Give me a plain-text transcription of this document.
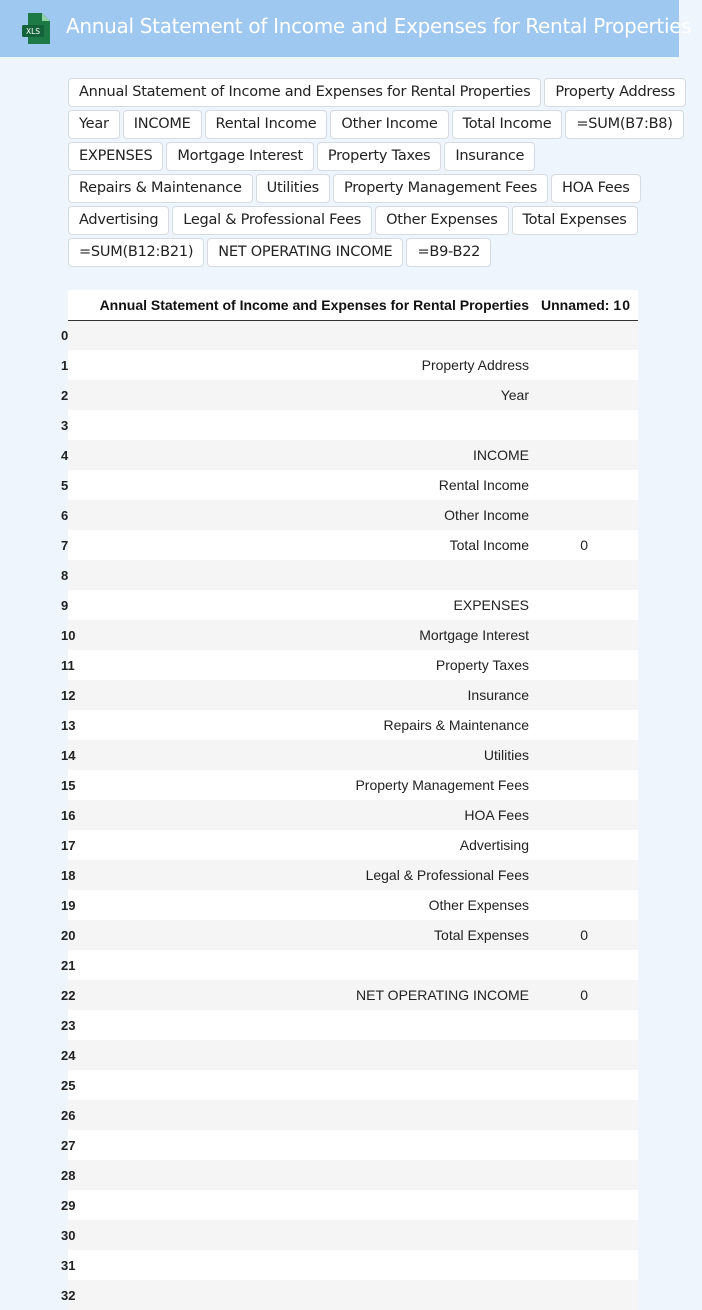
XLS Annual Statement of Income and Expenses for Rental Properties
Annual Statement of Income and Expenses for Rental Properties	Property Address
Year	INCOME	Rental Income	Other Income	Total Income	=SUM(B7:B8)
EXPENSES	Mortgage Interest	Property Taxes	Insurance
Repairs & Maintenance	Utilities	Property Management Fees	HOA Fees
Advertising	Legal & Professional Fees	Other Expenses	Total Expenses
=SUM(B12:B21)	NET OPERATING INCOME	=B9-B22
	Annual Statement of Income and Expenses for Rental Properties	Unnamed: 1	0
0			
1	Property Address		
2	Year		
3			
4	INCOME		
5	Rental Income		
6	Other Income		
7	Total Income	0	
8			
9	EXPENSES		
10	Mortgage Interest		
11	Property Taxes		
12	Insurance		
13	Repairs & Maintenance		
14	Utilities		
15	Property Management Fees		
16	HOA Fees		
17	Advertising		
18	Legal & Professional Fees		
19	Other Expenses		
20	Total Expenses	0	
21			
22	NET OPERATING INCOME	0	
23			
24			
25			
26			
27			
28			
29			
30			
31			
32			
